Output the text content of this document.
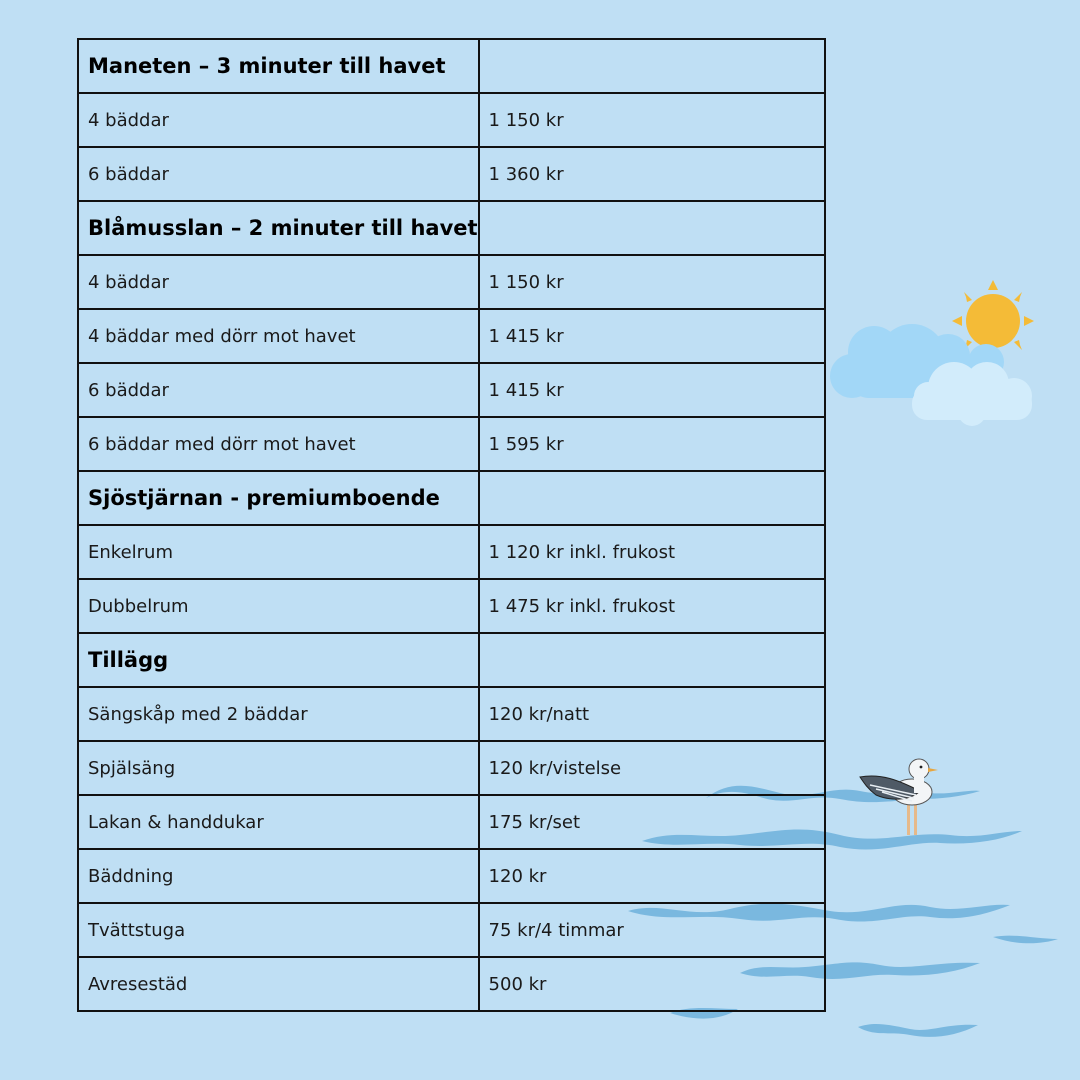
Maneten – 3 minuter till havet	
4 bäddar	1 150 kr
6 bäddar	1 360 kr
Blåmusslan – 2 minuter till havet	
4 bäddar	1 150 kr
4 bäddar med dörr mot havet	1 415 kr
6 bäddar	1 415 kr
6 bäddar med dörr mot havet	1 595 kr
Sjöstjärnan - premiumboende	
Enkelrum	1 120 kr inkl. frukost
Dubbelrum	1 475 kr inkl. frukost
Tillägg	
Sängskåp med 2 bäddar	120 kr/natt
Spjälsäng	120 kr/vistelse
Lakan & handdukar	175 kr/set
Bäddning	120 kr
Tvättstuga	75 kr/4 timmar
Avresestäd	500 kr
